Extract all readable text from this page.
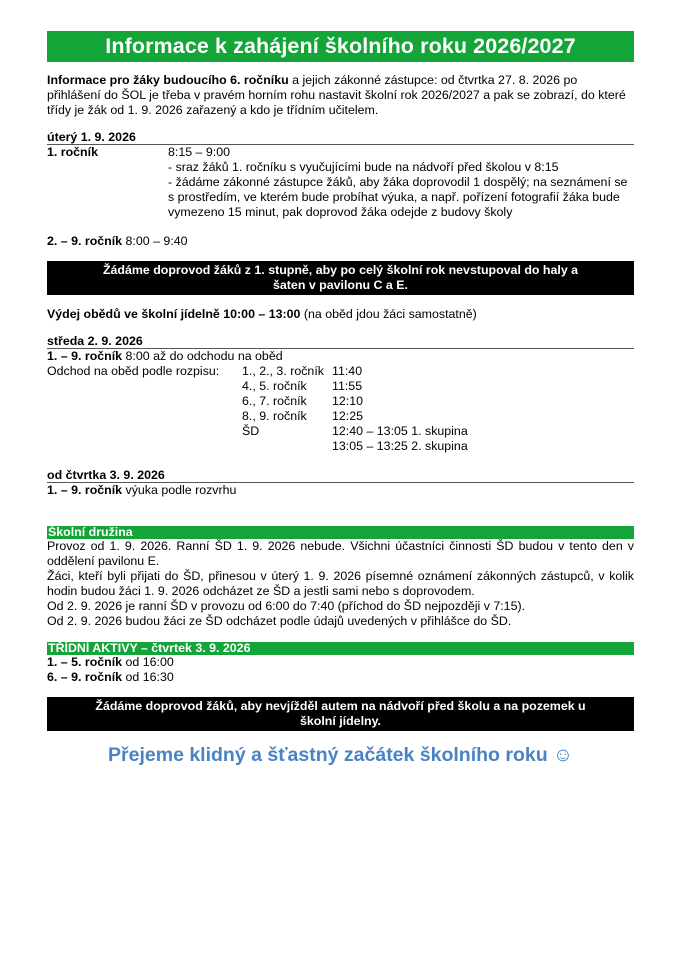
Informace k zahájení školního roku 2026/2027

Informace pro žáky budoucího 6. ročníku a jejich zákonné zástupce: od čtvrtka 27. 8. 2026 po přihlášení do ŠOL je třeba v pravém horním rohu nastavit školní rok 2026/2027 a pak se zobrazí, do které třídy je žák od 1. 9. 2026 zařazený a kdo je třídním učitelem.

úterý 1. 9. 2026
1. ročník	8:15 – 9:00
- sraz žáků 1. ročníku s vyučujícími bude na nádvoří před školou v 8:15
- žádáme zákonné zástupce žáků, aby žáka doprovodil 1 dospělý; na seznámení se s prostředím, ve kterém bude probíhat výuka, a např. pořízení fotografií žáka bude vymezeno 15 minut, pak doprovod žáka odejde z budovy školy
2. – 9. ročník 8:00 – 9:40
Žádáme doprovod žáků z 1. stupně, aby po celý školní rok nevstupoval do haly a šaten v pavilonu C a E.

Výdej obědů ve školní jídelně 10:00 – 13:00 (na oběd jdou žáci samostatně)

středa 2. 9. 2026
1. – 9. ročník 8:00 až do odchodu na oběd
Odchod na oběd podle rozpisu:	1., 2., 3. ročník 11:40
4., 5. ročník	11:55
6., 7. ročník	12:10
8., 9. ročník	12:25
ŠD	12:40 – 13:05 1. skupina
13:05 – 13:25 2. skupina
od čtvrtka 3. 9. 2026
1. – 9. ročník výuka podle rozvrhu
Školní družina

Provoz od 1. 9. 2026. Ranní ŠD 1. 9. 2026 nebude. Všichni účastníci činnosti ŠD budou v tento den v oddělení pavilonu E.

Žáci, kteří byli přijati do ŠD, přinesou v úterý 1. 9. 2026 písemné oznámení zákonných zástupců, v kolik hodin budou žáci 1. 9. 2026 odcházet ze ŠD a jestli sami nebo s doprovodem.

Od 2. 9. 2026 je ranní ŠD v provozu od 6:00 do 7:40 (příchod do ŠD nejpozději v 7:15).

Od 2. 9. 2026 budou žáci ze ŠD odcházet podle údajů uvedených v přihlášce do ŠD.

TŘÍDNÍ AKTIVY – čtvrtek 3. 9. 2026
1. – 5. ročník od 16:00
6. – 9. ročník od 16:30
Žádáme doprovod žáků, aby nevjížděl autem na nádvoří před školu a na pozemek u školní jídelny.
Přejeme klidný a šťastný začátek školního roku ☺
